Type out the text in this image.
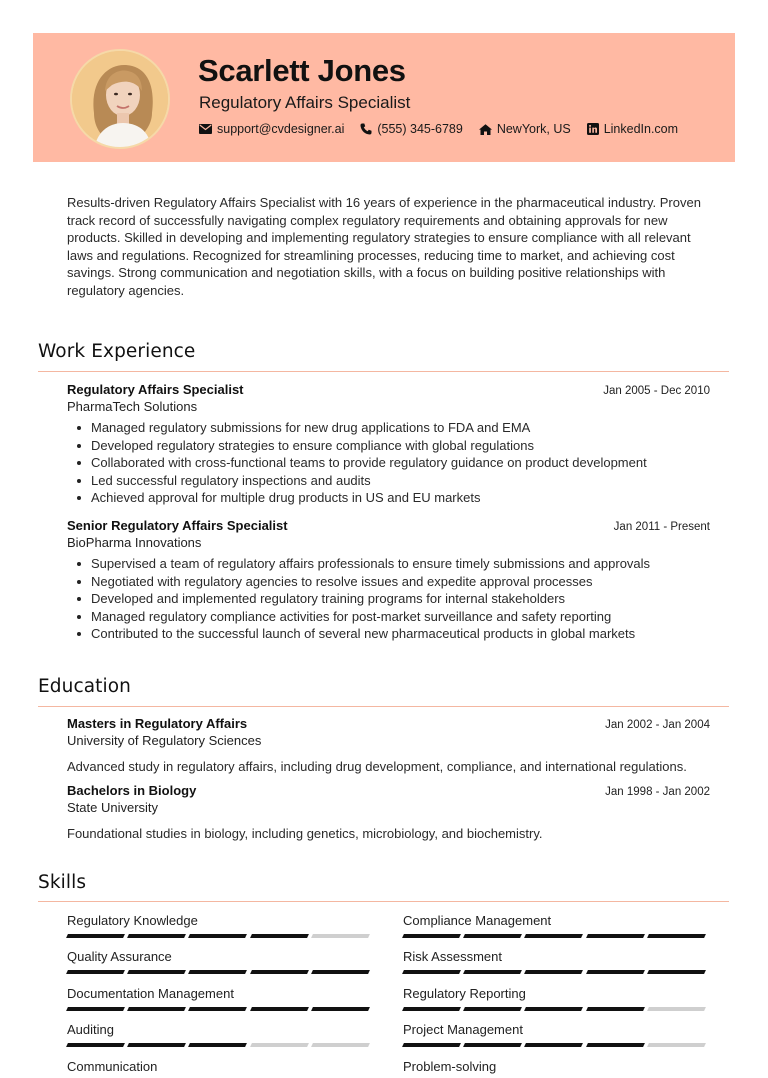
Scarlett Jones
Regulatory Affairs Specialist
support@cvdesigner.ai	(555) 345-6789	NewYork, US	LinkedIn.com

Results-driven Regulatory Affairs Specialist with 16 years of experience in the pharmaceutical industry. Proven track record of successfully navigating complex regulatory requirements and obtaining approvals for new products. Skilled in developing and implementing regulatory strategies to ensure compliance with all relevant laws and regulations. Recognized for streamlining processes, reducing time to market, and achieving cost savings. Strong communication and negotiation skills, with a focus on building positive relationships with regulatory agencies.

Work Experience
Regulatory Affairs Specialist	Jan 2005 - Dec 2010
PharmaTech Solutions
Managed regulatory submissions for new drug applications to FDA and EMA
Developed regulatory strategies to ensure compliance with global regulations
Collaborated with cross-functional teams to provide regulatory guidance on product development
Led successful regulatory inspections and audits
Achieved approval for multiple drug products in US and EU markets
Senior Regulatory Affairs Specialist	Jan 2011 - Present
BioPharma Innovations
Supervised a team of regulatory affairs professionals to ensure timely submissions and approvals
Negotiated with regulatory agencies to resolve issues and expedite approval processes
Developed and implemented regulatory training programs for internal stakeholders
Managed regulatory compliance activities for post-market surveillance and safety reporting
Contributed to the successful launch of several new pharmaceutical products in global markets
Education
Masters in Regulatory Affairs	Jan 2002 - Jan 2004
University of Regulatory Sciences
Advanced study in regulatory affairs, including drug development, compliance, and international regulations.
Bachelors in Biology	Jan 1998 - Jan 2002
State University
Foundational studies in biology, including genetics, microbiology, and biochemistry.
Skills
Regulatory Knowledge	Compliance Management
Quality Assurance	Risk Assessment
Documentation Management	Regulatory Reporting
Auditing	Project Management
Communication	Problem-solving
